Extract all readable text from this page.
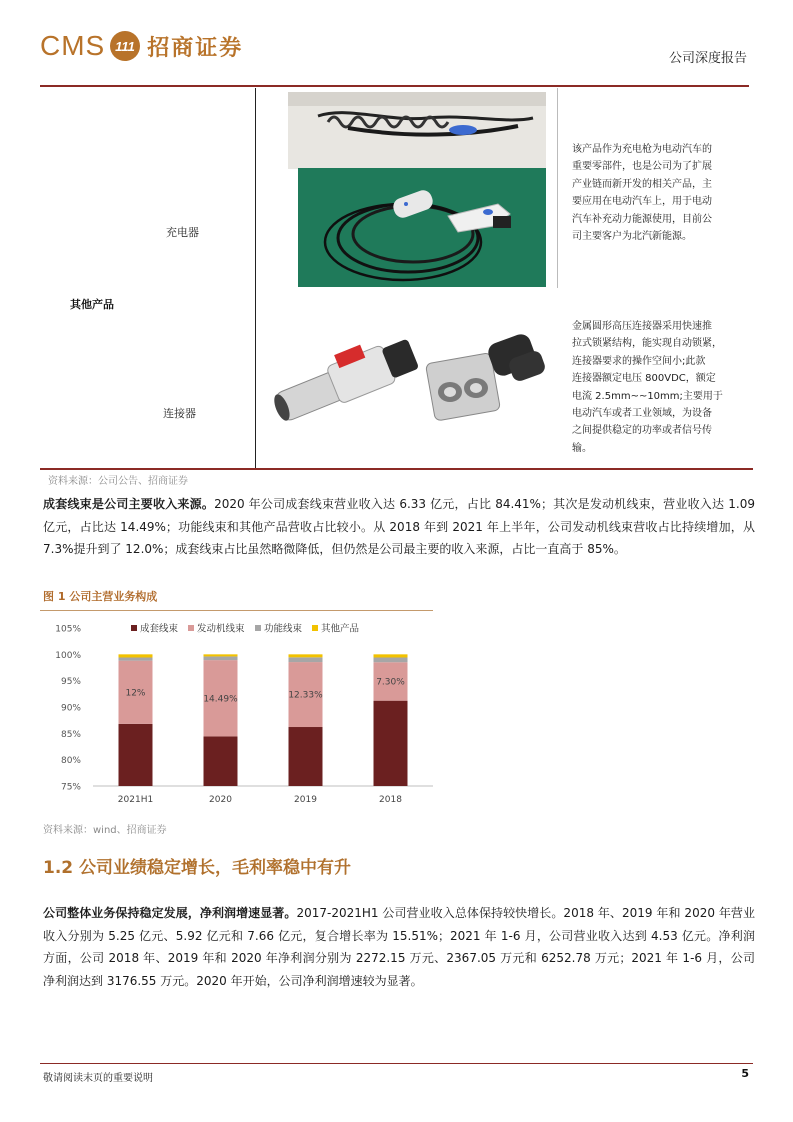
CMS 111 招商证券	公司深度报告
充电器
该产品作为充电枪为电动汽车的
重要零部件，也是公司为了扩展
产业链而新开发的相关产品，主
要应用在电动汽车上，用于电动
汽车补充动力能源使用，目前公
司主要客户为北汽新能源。
其他产品
连接器
金属圆形高压连接器采用快速推
拉式锁紧结构，能实现自动锁紧，
连接器要求的操作空间小;此款
连接器额定电压 800VDC，额定
电流 2.5mm~~10mm;主要用于
电动汽车或者工业领域，为设备
之间提供稳定的功率或者信号传
输。
资料来源：公司公告、招商证券
成套线束是公司主要收入来源。2020 年公司成套线束营业收入达 6.33 亿元，占比 84.41%；其次是发动机线束，营业收入达 1.09 亿元，占比达 14.49%；功能线束和其他产品营收占比较小。从 2018 年到 2021 年上半年，公司发动机线束营收占比持续增加，从 7.3%提升到了 12.0%；成套线束占比虽然略微降低，但仍然是公司最主要的收入来源，占比一直高于 85%。
图 1 公司主营业务构成
75%
80%
85%
90%
95%
100%
105%
12%
2021H1
14.49%
2020
12.33%
2019
7.30%
2018
成套线束 发动机线束 功能线束 其他产品
资料来源：wind、招商证券
1.2 公司业绩稳定增长，毛利率稳中有升
公司整体业务保持稳定发展，净利润增速显著。2017-2021H1 公司营业收入总体保持较快增长。2018 年、2019 年和 2020 年营业收入分别为 5.25 亿元、5.92 亿元和 7.66 亿元，复合增长率为 15.51%；2021 年 1-6 月，公司营业收入达到 4.53 亿元。净利润方面，公司 2018 年、2019 年和 2020 年净利润分别为 2272.15 万元、2367.05 万元和 6252.78 万元；2021 年 1-6 月，公司净利润达到 3176.55 万元。2020 年开始，公司净利润增速较为显著。
敬请阅读末页的重要说明	5
